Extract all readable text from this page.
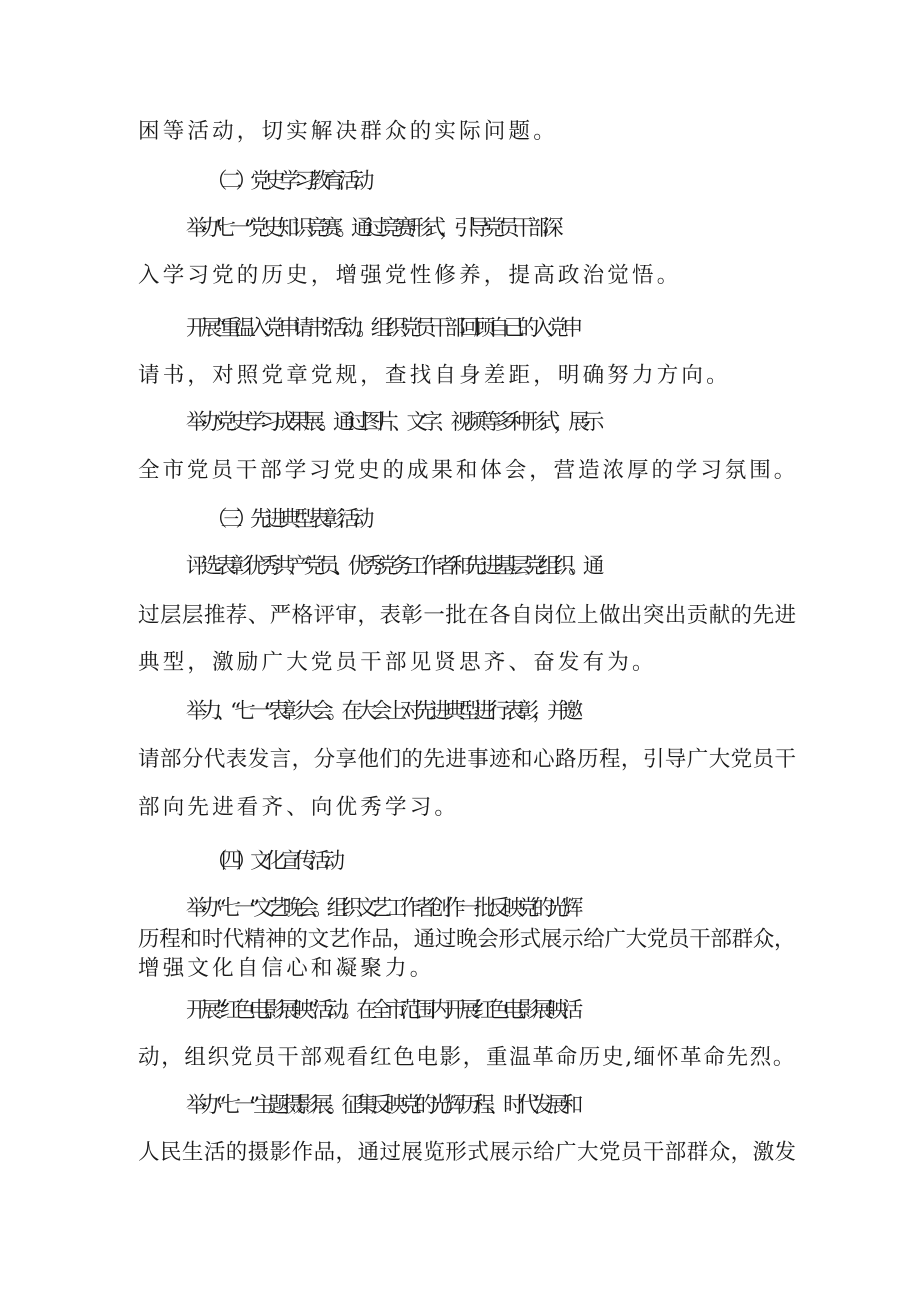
困等活动，切实解决群众的实际问题。

（二）党史学习教育活动

举办‘'七一”党史知识竞赛。通过竞赛形式，引导党员干部深

入学习党的历史，增强党性修养，提高政治觉悟。

开展“重温入党申请书”活动。组织党员干部回顾自己的入党申

请书，对照党章党规，查找自身差距，明确努力方向。

举办党史学习成果展。通过图片、文字、视频等多种形式，展示

全市党员干部学习党史的成果和体会，营造浓厚的学习氛围。

（三）先进典型表彰活动

评选表彰优秀共产党员、优秀党务工作者和先进基层党组织。通

过层层推荐、严格评审，表彰一批在各自岗位上做出突出贡献的先进

典型，激励广大党员干部见贤思齐、奋发有为。

举力、“七一”表彰大会。在大会上对先进典型进行表彰，并邀

请部分代表发言，分享他们的先进事迹和心路历程，引导广大党员干

部向先进看齐、向优秀学习。

（四）文化宣传活动

举办“七一”文艺晚会。组织文艺工作者创作一批反映党的光辉

历程和时代精神的文艺作品，通过晚会形式展示给广大党员干部群众，

增强文化自信心和凝聚力。

开展“红色电影展映”活动。在全市范围内开展红色电影展映活

动，组织党员干部观看红色电影，重温革命历史,缅怀革命先烈。

举办“七一”主题摄影展。征集反映党的光辉历程、时代发展和

人民生活的摄影作品，通过展览形式展示给广大党员干部群众，激发
